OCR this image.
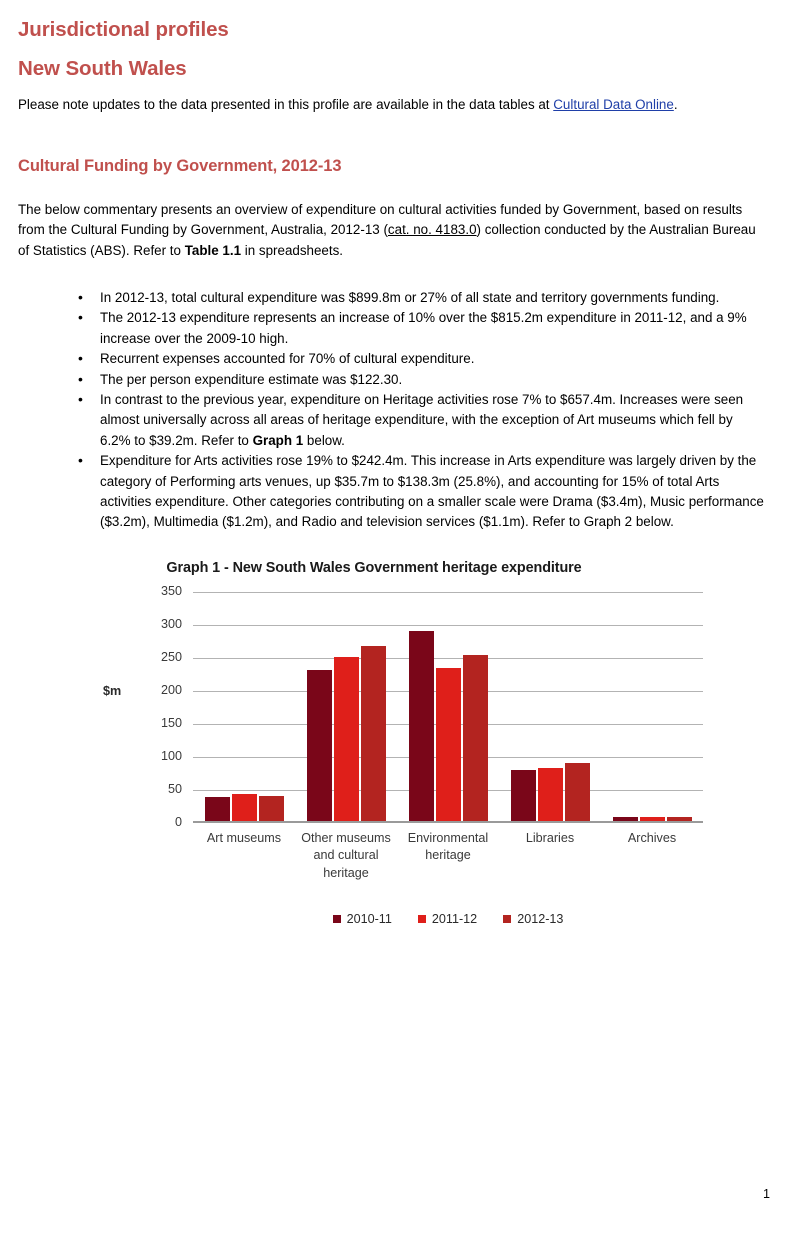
Jurisdictional profiles
New South Wales

Please note updates to the data presented in this profile are available in the data tables at Cultural Data Online.

Cultural Funding by Government, 2012-13

The below commentary presents an overview of expenditure on cultural activities funded by Government, based on results from the Cultural Funding by Government, Australia, 2012-13 (cat. no. 4183.0) collection conducted by the Australian Bureau of Statistics (ABS). Refer to Table 1.1 in spreadsheets.

• In 2012-13, total cultural expenditure was $899.8m or 27% of all state and territory governments funding.
• The 2012-13 expenditure represents an increase of 10% over the $815.2m expenditure in 2011-12, and a 9% increase over the 2009-10 high.
• Recurrent expenses accounted for 70% of cultural expenditure.
• The per person expenditure estimate was $122.30.
• In contrast to the previous year, expenditure on Heritage activities rose 7% to $657.4m. Increases were seen almost universally across all areas of heritage expenditure, with the exception of Art museums which fell by 6.2% to $39.2m. Refer to Graph 1 below.
• Expenditure for Arts activities rose 19% to $242.4m. This increase in Arts expenditure was largely driven by the category of Performing arts venues, up $35.7m to $138.3m (25.8%), and accounting for 15% of total Arts activities expenditure. Other categories contributing on a smaller scale were Drama ($3.4m), Music performance ($3.2m), Multimedia ($1.2m), and Radio and television services ($1.1m). Refer to Graph 2 below.
Graph 1 - New South Wales Government heritage expenditure
$m
350
300
250
200
150
100
50
0
Art museums	Other museums and cultural heritage
Environmental heritage
Libraries	Archives
2010-11	2011-12	2012-13
1
